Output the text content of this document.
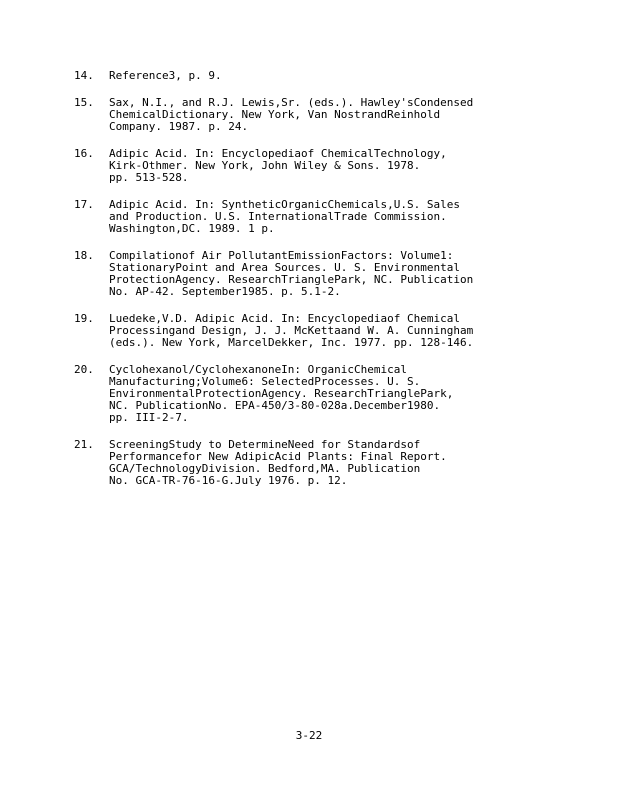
14.	Reference3, p. 9.
15.	Sax, N.I., and R.J. Lewis,Sr. (eds.). Hawley'sCondensed
ChemicalDictionary. New York, Van NostrandReinhold
Company. 1987. p. 24.
16.	Adipic Acid. In: Encyclopediaof ChemicalTechnology,
Kirk-Othmer. New York, John Wiley & Sons. 1978.
pp. 513-528.
17.	Adipic Acid. In: SyntheticOrganicChemicals,U.S. Sales
and Production. U.S. InternationalTrade Commission.
Washington,DC. 1989. 1 p.
18.	Compilationof Air PollutantEmissionFactors: Volume1:
StationaryPoint and Area Sources. U. S. Environmental
ProtectionAgency. ResearchTrianglePark, NC. Publication
No. AP-42. September1985. p. 5.1-2.
19.	Luedeke,V.D. Adipic Acid. In: Encyclopediaof Chemical
Processingand Design, J. J. McKettaand W. A. Cunningham
(eds.). New York, MarcelDekker, Inc. 1977. pp. 128-146.
20.	Cyclohexanol/CyclohexanoneIn: OrganicChemical
Manufacturing;Volume6: SelectedProcesses. U. S.
EnvironmentalProtectionAgency. ResearchTrianglePark,
NC. PublicationNo. EPA-450/3-80-028a.December1980.
pp. III-2-7.
21.	ScreeningStudy to DetermineNeed for Standardsof
Performancefor New AdipicAcid Plants: Final Report.
GCA/TechnologyDivision. Bedford,MA. Publication
No. GCA-TR-76-16-G.July 1976. p. 12.
3-22
